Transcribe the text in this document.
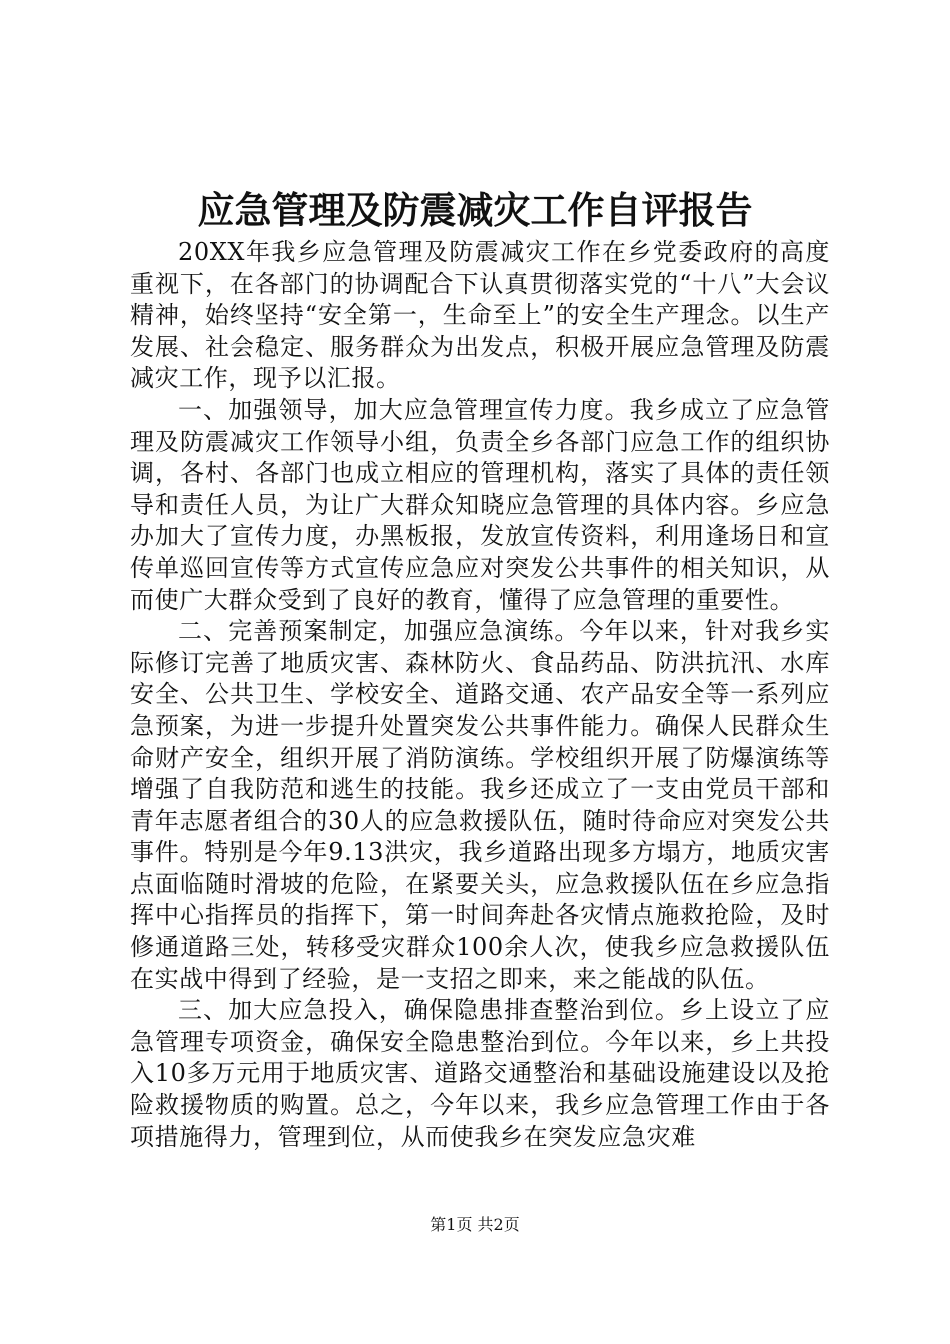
应急管理及防震减灾工作自评报告

20XX年我乡应急管理及防震减灾工作在乡党委政府的高度重视下，在各部门的协调配合下认真贯彻落实党的“十八”大会议精神，始终坚持“安全第一，生命至上”的安全生产理念。以生产发展、社会稳定、服务群众为出发点，积极开展应急管理及防震减灾工作，现予以汇报。

一、加强领导，加大应急管理宣传力度。我乡成立了应急管理及防震减灾工作领导小组，负责全乡各部门应急工作的组织协调，各村、各部门也成立相应的管理机构，落实了具体的责任领导和责任人员，为让广大群众知晓应急管理的具体内容。乡应急办加大了宣传力度，办黑板报，发放宣传资料，利用逢场日和宣传单巡回宣传等方式宣传应急应对突发公共事件的相关知识，从而使广大群众受到了良好的教育，懂得了应急管理的重要性。

二、完善预案制定，加强应急演练。今年以来，针对我乡实际修订完善了地质灾害、森林防火、食品药品、防洪抗汛、水库安全、公共卫生、学校安全、道路交通、农产品安全等一系列应急预案，为进一步提升处置突发公共事件能力。确保人民群众生命财产安全，组织开展了消防演练。学校组织开展了防爆演练等增强了自我防范和逃生的技能。我乡还成立了一支由党员干部和青年志愿者组合的30人的应急救援队伍，随时待命应对突发公共事件。特别是今年9.13洪灾，我乡道路出现多方塌方，地质灾害点面临随时滑坡的危险，在紧要关头，应急救援队伍在乡应急指挥中心指挥员的指挥下，第一时间奔赴各灾情点施救抢险，及时修通道路三处，转移受灾群众100余人次，使我乡应急救援队伍在实战中得到了经验，是一支招之即来，来之能战的队伍。

三、加大应急投入，确保隐患排查整治到位。乡上设立了应急管理专项资金，确保安全隐患整治到位。今年以来，乡上共投入10多万元用于地质灾害、道路交通整治和基础设施建设以及抢险救援物质的购置。总之，今年以来，我乡应急管理工作由于各项措施得力，管理到位，从而使我乡在突发应急灾难

第1页 共2页
